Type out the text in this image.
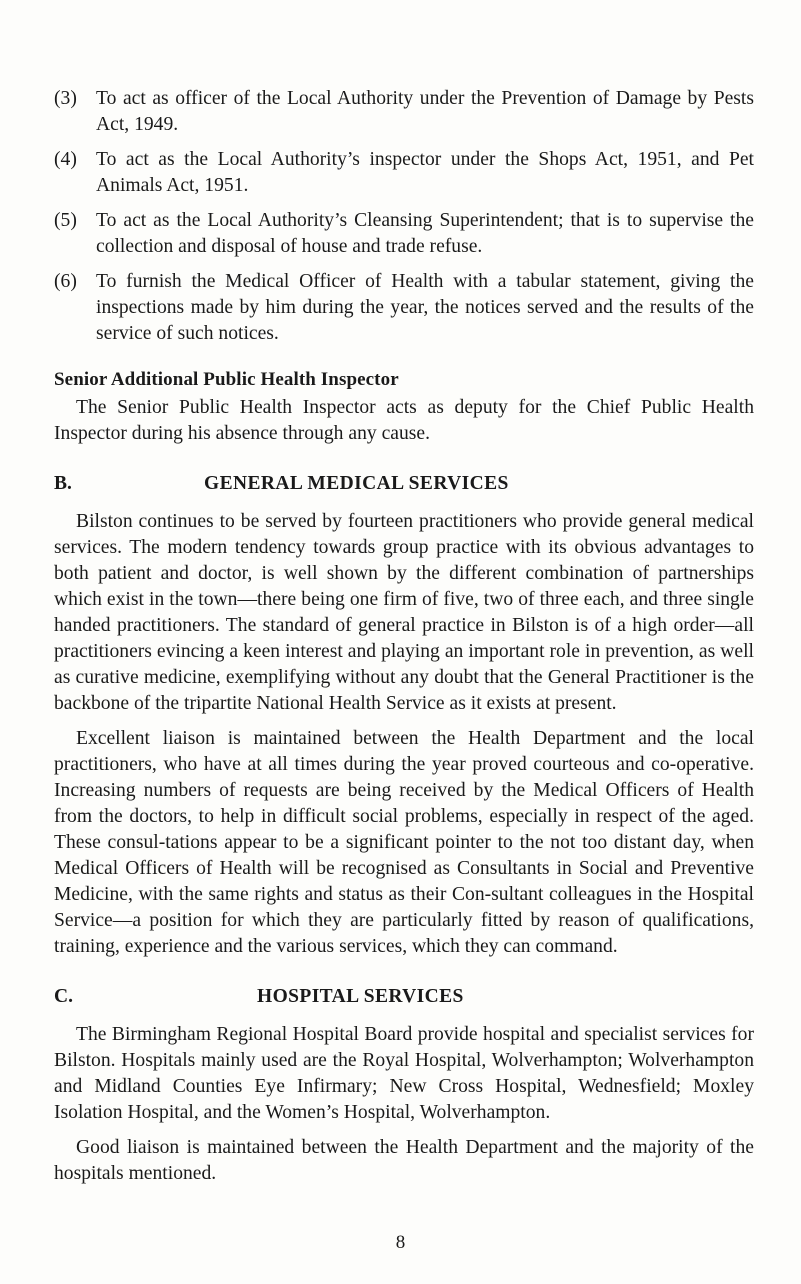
(3) To act as officer of the Local Authority under the Prevention of Damage by Pests Act, 1949.
(4) To act as the Local Authority’s inspector under the Shops Act, 1951, and Pet Animals Act, 1951.
(5) To act as the Local Authority’s Cleansing Superintendent; that is to supervise the collection and disposal of house and trade refuse.
(6) To furnish the Medical Officer of Health with a tabular statement, giving the inspections made by him during the year, the notices served and the results of the service of such notices.
Senior Additional Public Health Inspector

The Senior Public Health Inspector acts as deputy for the Chief Public Health Inspector during his absence through any cause.

B.	GENERAL MEDICAL SERVICES

Bilston continues to be served by fourteen practitioners who provide general medical services. The modern tendency towards group practice with its obvious advantages to both patient and doctor, is well shown by the different combination of partnerships which exist in the town—there being one firm of five, two of three each, and three single handed practitioners. The standard of general practice in Bilston is of a high order—all practitioners evincing a keen interest and playing an important role in prevention, as well as curative medicine, exemplifying without any doubt that the General Practitioner is the backbone of the tripartite National Health Service as it exists at present.

Excellent liaison is maintained between the Health Department and the local practitioners, who have at all times during the year proved courteous and co-operative. Increasing numbers of requests are being received by the Medical Officers of Health from the doctors, to help in difficult social problems, especially in respect of the aged. These consul-tations appear to be a significant pointer to the not too distant day, when Medical Officers of Health will be recognised as Consultants in Social and Preventive Medicine, with the same rights and status as their Con-sultant colleagues in the Hospital Service—a position for which they are particularly fitted by reason of qualifications, training, experience and the various services, which they can command.

C.	HOSPITAL SERVICES

The Birmingham Regional Hospital Board provide hospital and specialist services for Bilston. Hospitals mainly used are the Royal Hospital, Wolverhampton; Wolverhampton and Midland Counties Eye Infirmary; New Cross Hospital, Wednesfield; Moxley Isolation Hospital, and the Women’s Hospital, Wolverhampton.

Good liaison is maintained between the Health Department and the majority of the hospitals mentioned.

8
